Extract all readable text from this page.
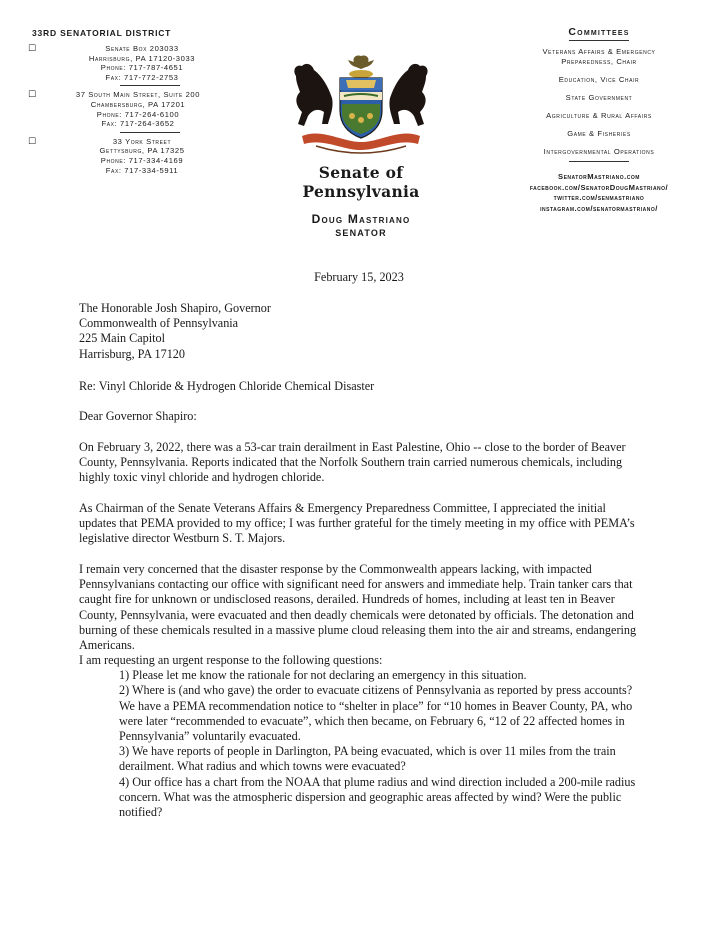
33RD SENATORIAL DISTRICT
☐	Senate Box 203033
Harrisburg, PA 17120-3033
Phone: 717-787-4651
Fax: 717-772-2753
☐	37 South Main Street, Suite 200
Chambersburg, PA 17201
Phone: 717-264-6100
Fax: 717-264-3652
☐	33 York Street
Gettysburg, PA 17325
Phone: 717-334-4169
Fax: 717-334-5911	Senate of Pennsylvania
Doug Mastriano
SENATOR
Committees
Veterans Affairs & Emergency
Preparedness, Chair
Education, Vice Chair
State Government
Agriculture & Rural Affairs
Game & Fisheries
Intergovernmental Operations
SenatorMastriano.com
facebook.com/SenatorDougMastriano/
twitter.com/senmastriano
instagram.com/senatormastriano/
February 15, 2023
The Honorable Josh Shapiro, Governor
Commonwealth of Pennsylvania
225 Main Capitol
Harrisburg, PA 17120
Re: Vinyl Chloride & Hydrogen Chloride Chemical Disaster
Dear Governor Shapiro:
On February 3, 2022, there was a 53-car train derailment in East Palestine, Ohio -- close to the border of Beaver County, Pennsylvania. Reports indicated that the Norfolk Southern train carried numerous chemicals, including highly toxic vinyl chloride and hydrogen chloride.
As Chairman of the Senate Veterans Affairs & Emergency Preparedness Committee, I appreciated the initial updates that PEMA provided to my office; I was further grateful for the timely meeting in my office with PEMA’s legislative director Westburn S. T. Majors.
I remain very concerned that the disaster response by the Commonwealth appears lacking, with impacted Pennsylvanians contacting our office with significant need for answers and immediate help. Train tanker cars that caught fire for unknown or undisclosed reasons, derailed. Hundreds of homes, including at least ten in Beaver County, Pennsylvania, were evacuated and then deadly chemicals were detonated by officials. The detonation and burning of these chemicals resulted in a massive plume cloud releasing them into the air and streams, endangering Americans.
I am requesting an urgent response to the following questions:
1) Please let me know the rationale for not declaring an emergency in this situation.
2) Where is (and who gave) the order to evacuate citizens of Pennsylvania as reported by press accounts? We have a PEMA recommendation notice to “shelter in place” for “10 homes in Beaver County, PA, who were later “recommended to evacuate”, which then became, on February 6, “12 of 22 affected homes in Pennsylvania” voluntarily evacuated.
3) We have reports of people in Darlington, PA being evacuated, which is over 11 miles from the train derailment. What radius and which towns were evacuated?
4) Our office has a chart from the NOAA that plume radius and wind direction included a 200-mile radius concern. What was the atmospheric dispersion and geographic areas affected by wind? Were the public notified?
